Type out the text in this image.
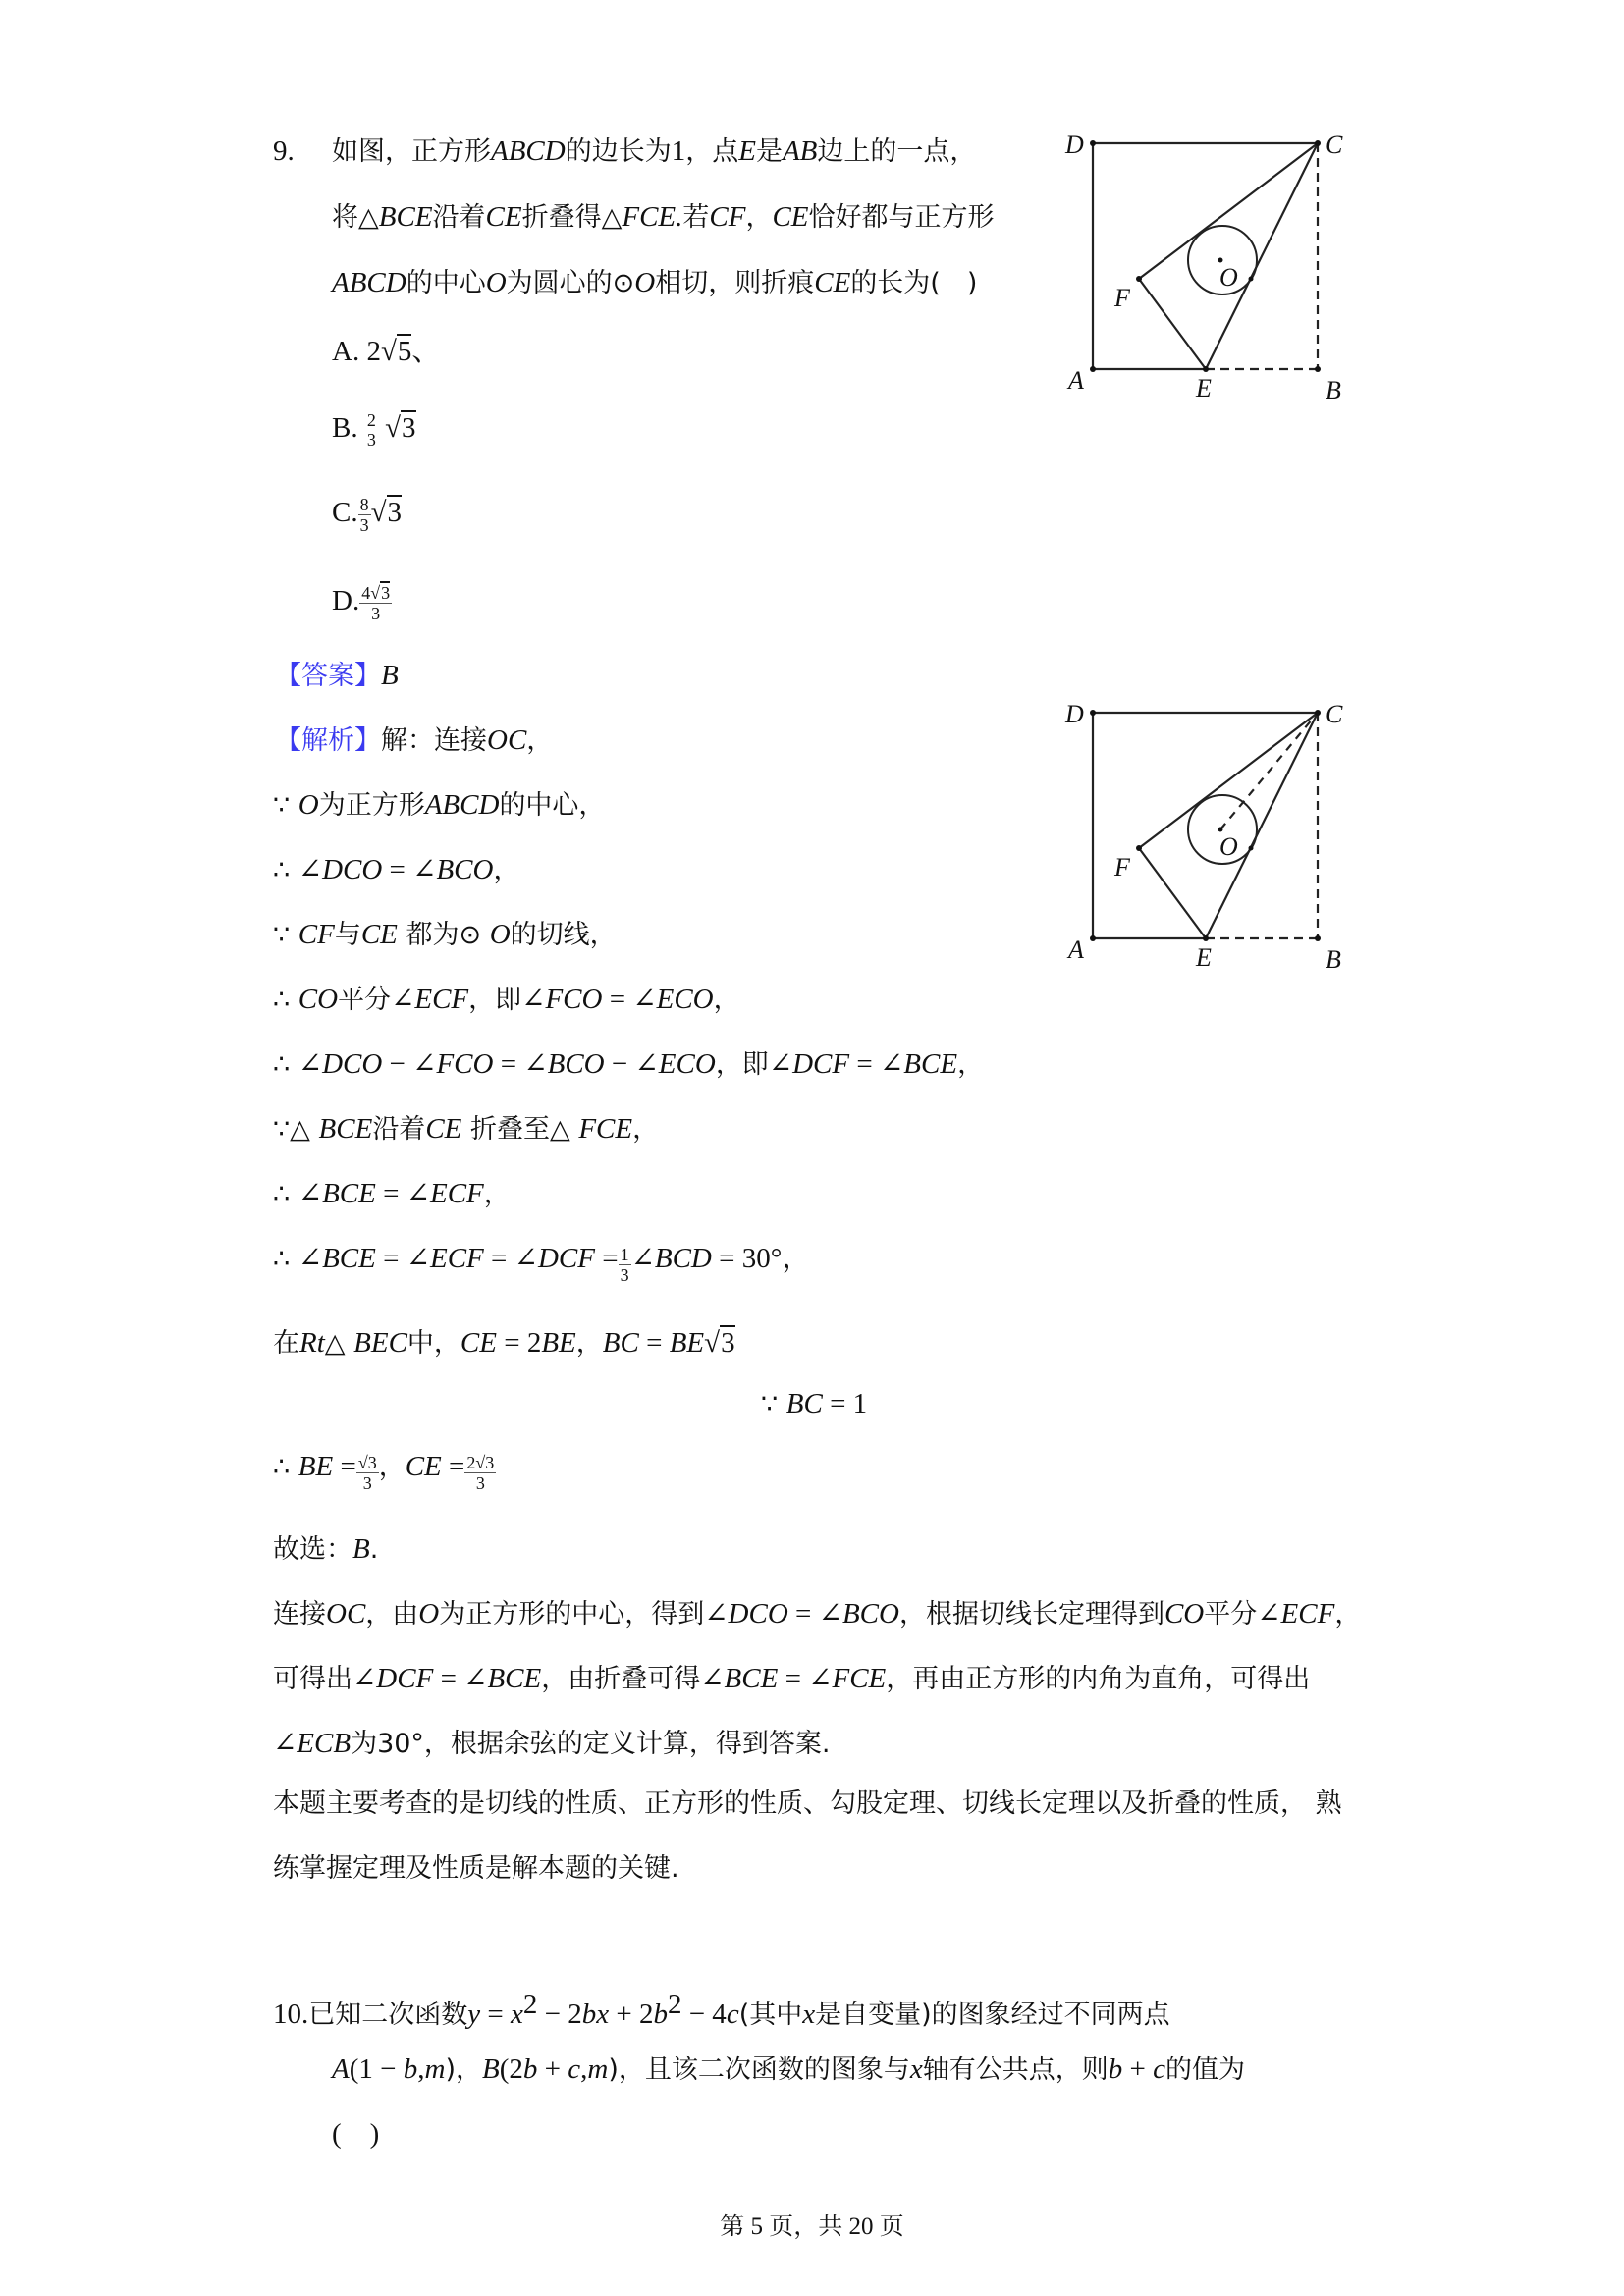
9. 如图，正方形ABCD的边长为1，点E是AB边上的一点，
将△BCE沿着CE折叠得△FCE.若CF，CE恰好都与正方形
ABCD的中心O为圆心的⊙O相切，则折痕CE的长为(　)
A. 2√5、
B. 2
3 √3
C. $\frac{8}{3} √3$
D. $\frac{4√3}{3}$
D	C
A	E	B
F
O
【答案】B
【解析】解：连接OC，
∵ O为正方形ABCD的中心，
∴ ∠DCO = ∠BCO，
∵ CF与CE 都为⊙ O的切线，
∴ CO平分∠ECF，即∠FCO = ∠ECO，
∴ ∠DCO − ∠FCO = ∠BCO − ∠ECO，即∠DCF = ∠BCE，
∵△ BCE沿着CE 折叠至△ FCE，
∴ ∠BCE = ∠ECF，
∴ ∠BCE = ∠ECF = ∠DCF = $\frac{1}{3}$ ∠BCD = 30°，
在Rt△ BEC中，CE = 2BE，BC = BE√3
∵ BC = 1
∴ BE = $\frac{√3}{3}$ ，CE = $\frac{2√3}{3}$
故选：B.
连接OC，由O为正方形的中心，得到∠DCO = ∠BCO，根据切线长定理得到CO平分∠ECF，
可得出∠DCF = ∠BCE，由折叠可得∠BCE = ∠FCE，再由正方形的内角为直角，可得出
∠ECB为30°，根据余弦的定义计算，得到答案.
本题主要考查的是切线的性质、正方形的性质、勾股定理、切线长定理以及折叠的性质， 熟
练掌握定理及性质是解本题的关键.
D	C
A	E	B
F
O
10.已知二次函数$y = x^2 - 2bx + 2b^2 - 4c$(其中x是自变量)的图象经过不同两点
A(1 − b,m)，B(2b + c,m)，且该二次函数的图象与x轴有公共点，则b + c的值为
(　)
第 5 页，共 20 页
